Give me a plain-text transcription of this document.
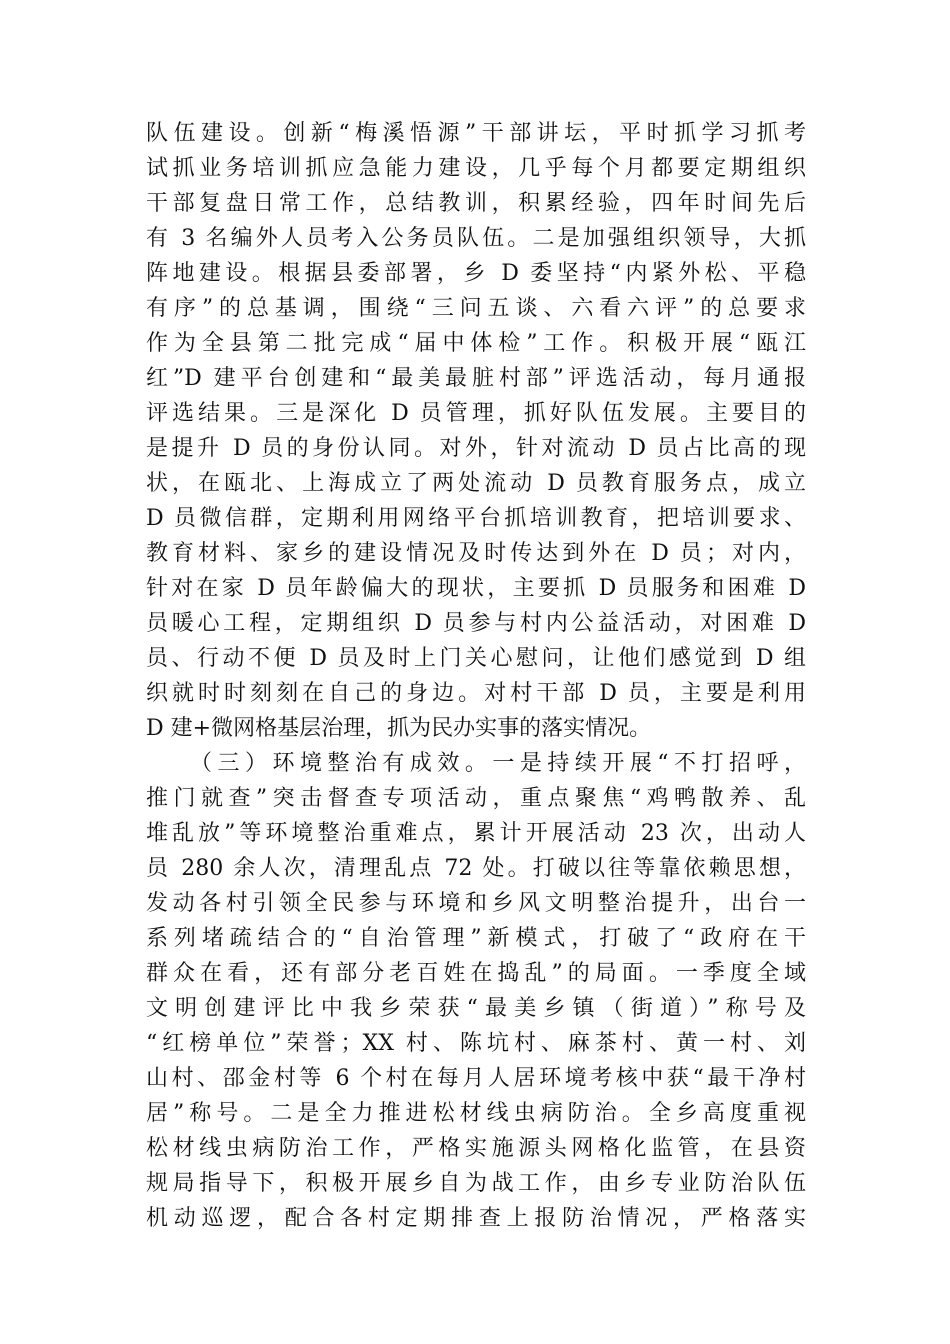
队伍建设。创新“梅溪悟源”干部讲坛，平时抓学习抓考
试抓业务培训抓应急能力建设，几乎每个月都要定期组织
干部复盘日常工作，总结教训，积累经验，四年时间先后
有 3 名编外人员考入公务员队伍。二是加强组织领导，大抓
阵地建设。根据县委部署，乡 D 委坚持“内紧外松、平稳
有序”的总基调，围绕“三问五谈、六看六评”的总要求
作为全县第二批完成“届中体检”工作。积极开展“瓯江
红”D 建平台创建和“最美最脏村部”评选活动，每月通报
评选结果。三是深化 D 员管理，抓好队伍发展。主要目的
是提升 D 员的身份认同。对外，针对流动 D 员占比高的现
状，在瓯北、上海成立了两处流动 D 员教育服务点，成立
D 员微信群，定期利用网络平台抓培训教育，把培训要求、
教育材料、家乡的建设情况及时传达到外在 D 员；对内，
针对在家 D 员年龄偏大的现状，主要抓 D 员服务和困难 D
员暖心工程，定期组织 D 员参与村内公益活动，对困难 D
员、行动不便 D 员及时上门关心慰问，让他们感觉到 D 组
织就时时刻刻在自己的身边。对村干部 D 员，主要是利用
D 建+微网格基层治理，抓为民办实事的落实情况。
（三）环境整治有成效。一是持续开展“不打招呼，
推门就查”突击督查专项活动，重点聚焦“鸡鸭散养、乱
堆乱放”等环境整治重难点，累计开展活动 23 次，出动人
员 280 余人次，清理乱点 72 处。打破以往等靠依赖思想，
发动各村引领全民参与环境和乡风文明整治提升，出台一
系列堵疏结合的“自治管理”新模式，打破了“政府在干
群众在看，还有部分老百姓在捣乱”的局面。一季度全域
文明创建评比中我乡荣获“最美乡镇（街道）”称号及
“红榜单位”荣誉；XX 村、陈坑村、麻茶村、黄一村、刘
山村、邵金村等 6 个村在每月人居环境考核中获“最干净村
居”称号。二是全力推进松材线虫病防治。全乡高度重视
松材线虫病防治工作，严格实施源头网格化监管，在县资
规局指导下，积极开展乡自为战工作，由乡专业防治队伍
机动巡逻，配合各村定期排查上报防治情况，严格落实
